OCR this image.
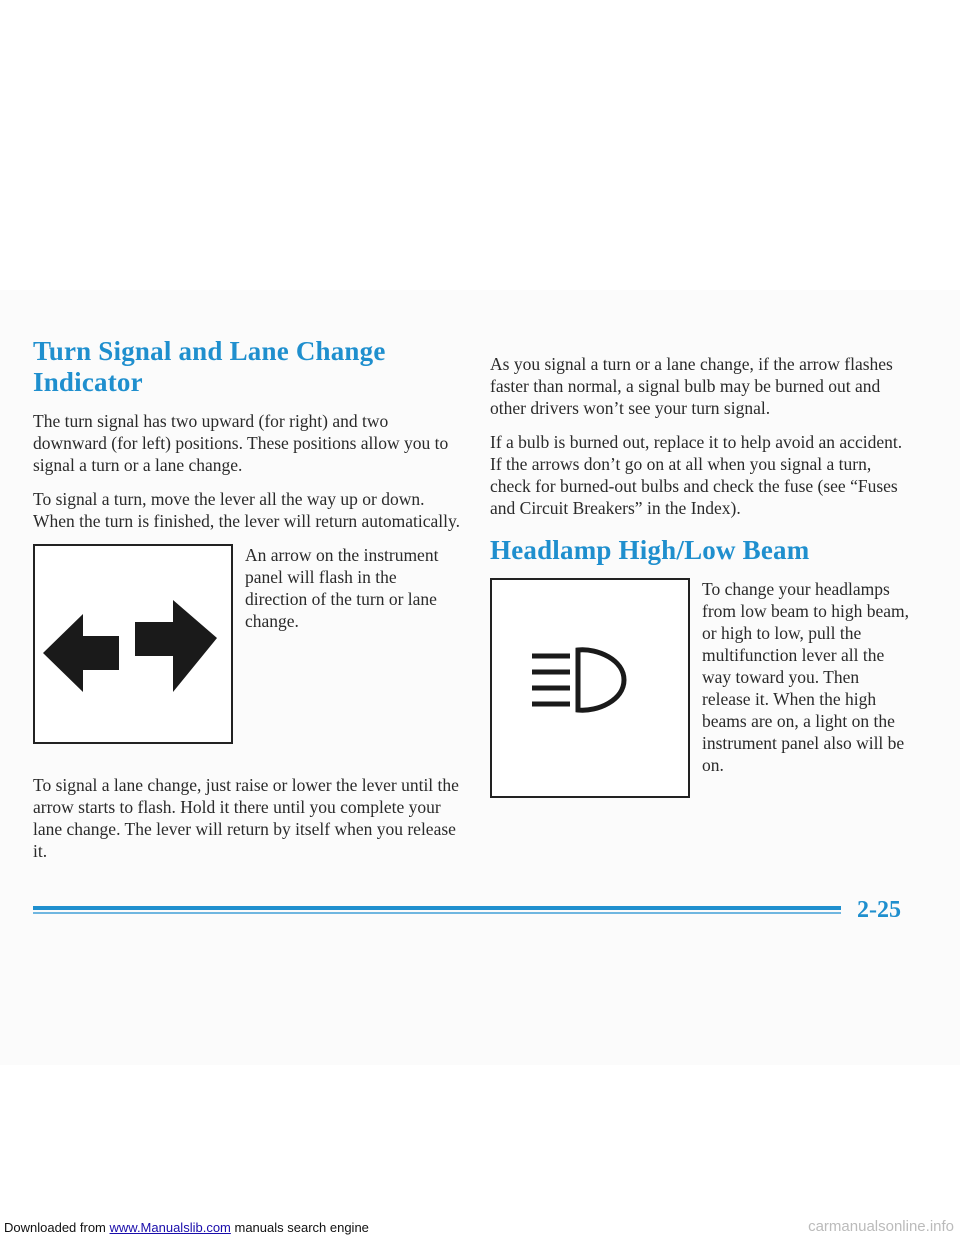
Turn Signal and Lane Change Indicator

The turn signal has two upward (for right) and two downward (for left) positions. These positions allow you to signal a turn or a lane change.

To signal a turn, move the lever all the way up or down. When the turn is finished, the lever will return automatically.

An arrow on the instrument panel will flash in the direction of the turn or lane change.

To signal a lane change, just raise or lower the lever until the arrow starts to flash. Hold it there until you complete your lane change. The lever will return by itself when you release it.

As you signal a turn or a lane change, if the arrow flashes faster than normal, a signal bulb may be burned out and other drivers won’t see your turn signal.

If a bulb is burned out, replace it to help avoid an accident. If the arrows don’t go on at all when you signal a turn, check for burned-out bulbs and check the fuse (see “Fuses and Circuit Breakers” in the Index).

Headlamp High/Low Beam

To change your headlamps from low beam to high beam, or high to low, pull the multifunction lever all the way toward you. Then release it. When the high beams are on, a light on the instrument panel also will be on.

2-25
Downloaded from www.Manualslib.com manuals search engine	carmanualsonline.info
